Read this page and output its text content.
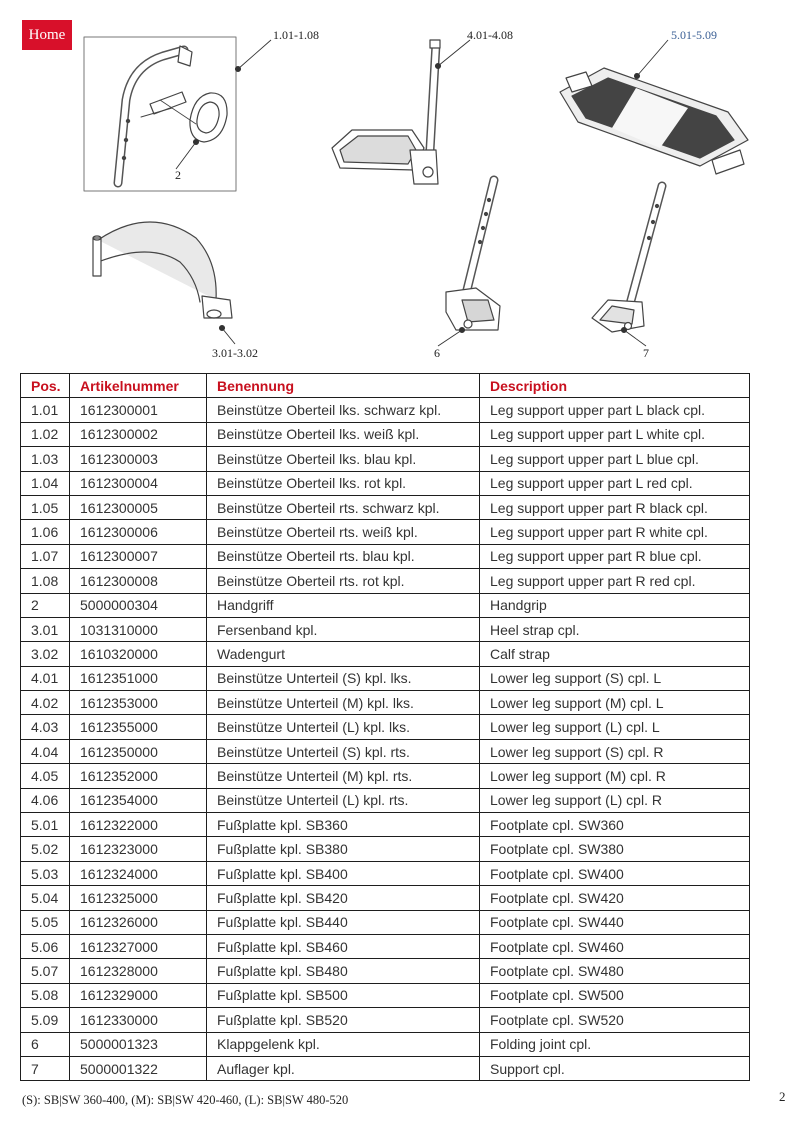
Home	1.01-1.08
2
3.01-3.02
4.01-4.08	5.01-5.09
6	7
Pos.	Artikelnummer	Benennung	Description
1.01	1612300001	Beinstütze Oberteil lks. schwarz kpl.	Leg support upper part L black cpl.
1.02	1612300002	Beinstütze Oberteil lks. weiß kpl.	Leg support upper part L white cpl.
1.03	1612300003	Beinstütze Oberteil lks. blau kpl.	Leg support upper part L blue cpl.
1.04	1612300004	Beinstütze Oberteil lks. rot kpl.	Leg support upper part L red cpl.
1.05	1612300005	Beinstütze Oberteil rts. schwarz kpl.	Leg support upper part R black cpl.
1.06	1612300006	Beinstütze Oberteil rts. weiß kpl.	Leg support upper part R white cpl.
1.07	1612300007	Beinstütze Oberteil rts. blau kpl.	Leg support upper part R blue cpl.
1.08	1612300008	Beinstütze Oberteil rts. rot kpl.	Leg support upper part R red cpl.
2	5000000304	Handgriff	Handgrip
3.01	1031310000	Fersenband kpl.	Heel strap cpl.
3.02	1610320000	Wadengurt	Calf strap
4.01	1612351000	Beinstütze Unterteil (S) kpl. lks.	Lower leg support (S) cpl. L
4.02	1612353000	Beinstütze Unterteil (M) kpl. lks.	Lower leg support (M) cpl. L
4.03	1612355000	Beinstütze Unterteil (L) kpl. lks.	Lower leg support (L) cpl. L
4.04	1612350000	Beinstütze Unterteil (S) kpl. rts.	Lower leg support (S) cpl. R
4.05	1612352000	Beinstütze Unterteil (M) kpl. rts.	Lower leg support (M) cpl. R
4.06	1612354000	Beinstütze Unterteil (L) kpl. rts.	Lower leg support (L) cpl. R
5.01	1612322000	Fußplatte kpl. SB360	Footplate cpl. SW360
5.02	1612323000	Fußplatte kpl. SB380	Footplate cpl. SW380
5.03	1612324000	Fußplatte kpl. SB400	Footplate cpl. SW400
5.04	1612325000	Fußplatte kpl. SB420	Footplate cpl. SW420
5.05	1612326000	Fußplatte kpl. SB440	Footplate cpl. SW440
5.06	1612327000	Fußplatte kpl. SB460	Footplate cpl. SW460
5.07	1612328000	Fußplatte kpl. SB480	Footplate cpl. SW480
5.08	1612329000	Fußplatte kpl. SB500	Footplate cpl. SW500
5.09	1612330000	Fußplatte kpl. SB520	Footplate cpl. SW520
6	5000001323	Klappgelenk kpl.	Folding joint cpl.
7	5000001322	Auflager kpl.	Support cpl.
(S): SB|SW 360-400, (M): SB|SW 420-460, (L): SB|SW 480-520	2
